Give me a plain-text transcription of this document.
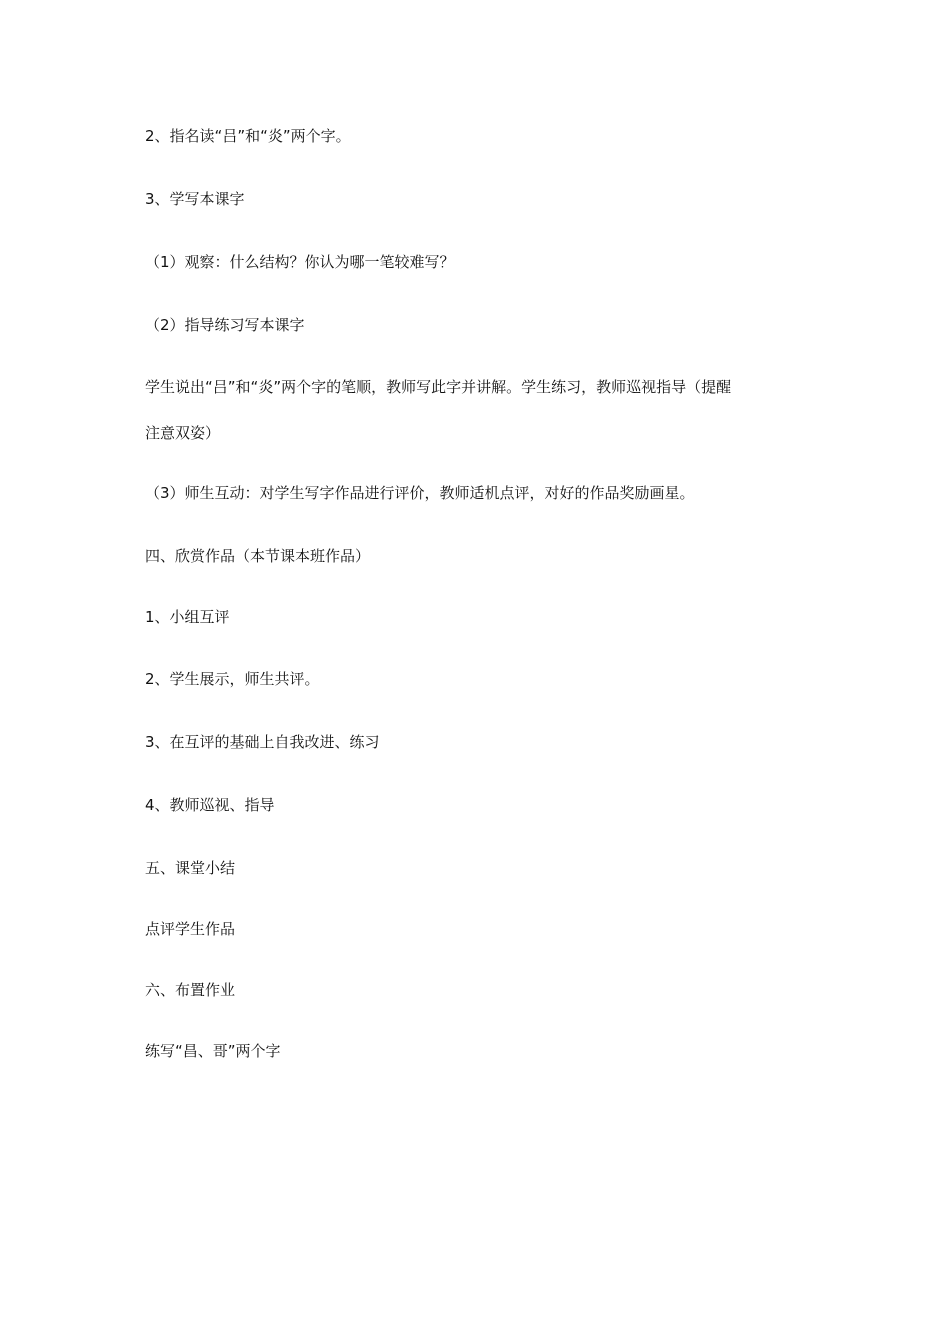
2、指名读“吕”和“炎”两个字。
3、学写本课字
（1）观察：什么结构？你认为哪一笔较难写？
（2）指导练习写本课字
学生说出“吕”和“炎”两个字的笔顺，教师写此字并讲解。学生练习，教师巡视指导（提醒
注意双姿）
（3）师生互动：对学生写字作品进行评价，教师适机点评，对好的作品奖励画星。
四、欣赏作品（本节课本班作品）
1、小组互评
2、学生展示，师生共评。
3、在互评的基础上自我改进、练习
4、教师巡视、指导
五、课堂小结
点评学生作品
六、布置作业
练写“昌、哥”两个字
